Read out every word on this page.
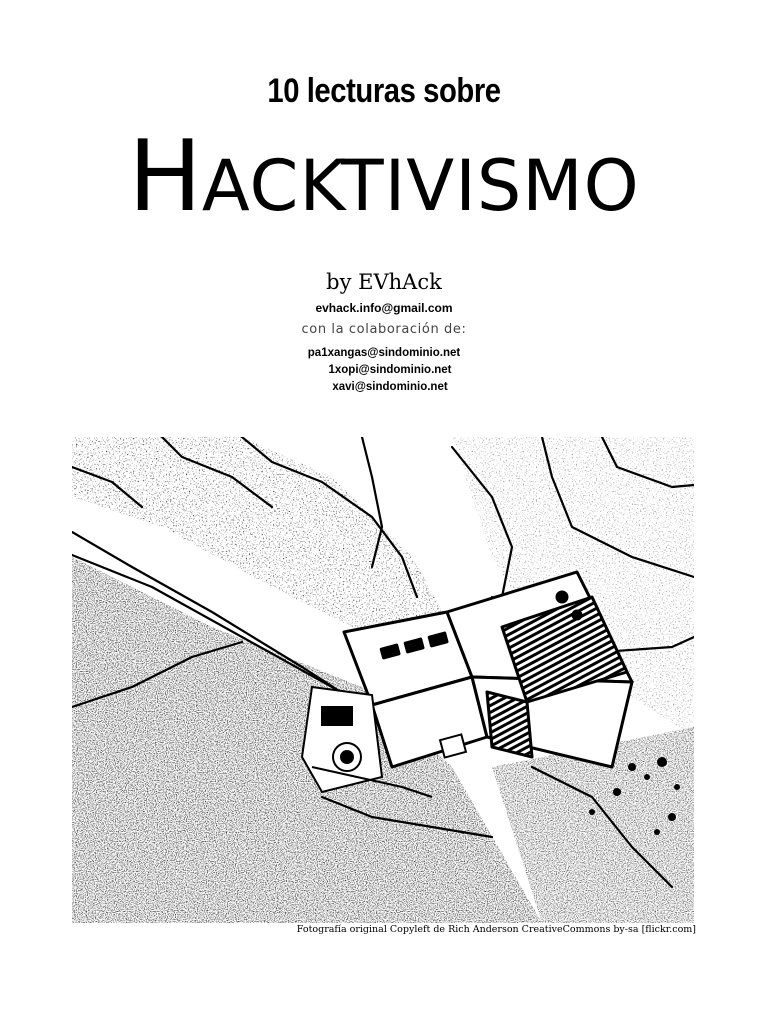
10 lecturas sobre
HACKTIVISMO
by EVhAck
evhack.info@gmail.com
con la colaboración de:
pa1xangas@sindominio.net
1xopi@sindominio.net
xavi@sindominio.net
Fotografía original Copyleft de Rich Anderson CreativeCommons by-sa [flickr.com]
